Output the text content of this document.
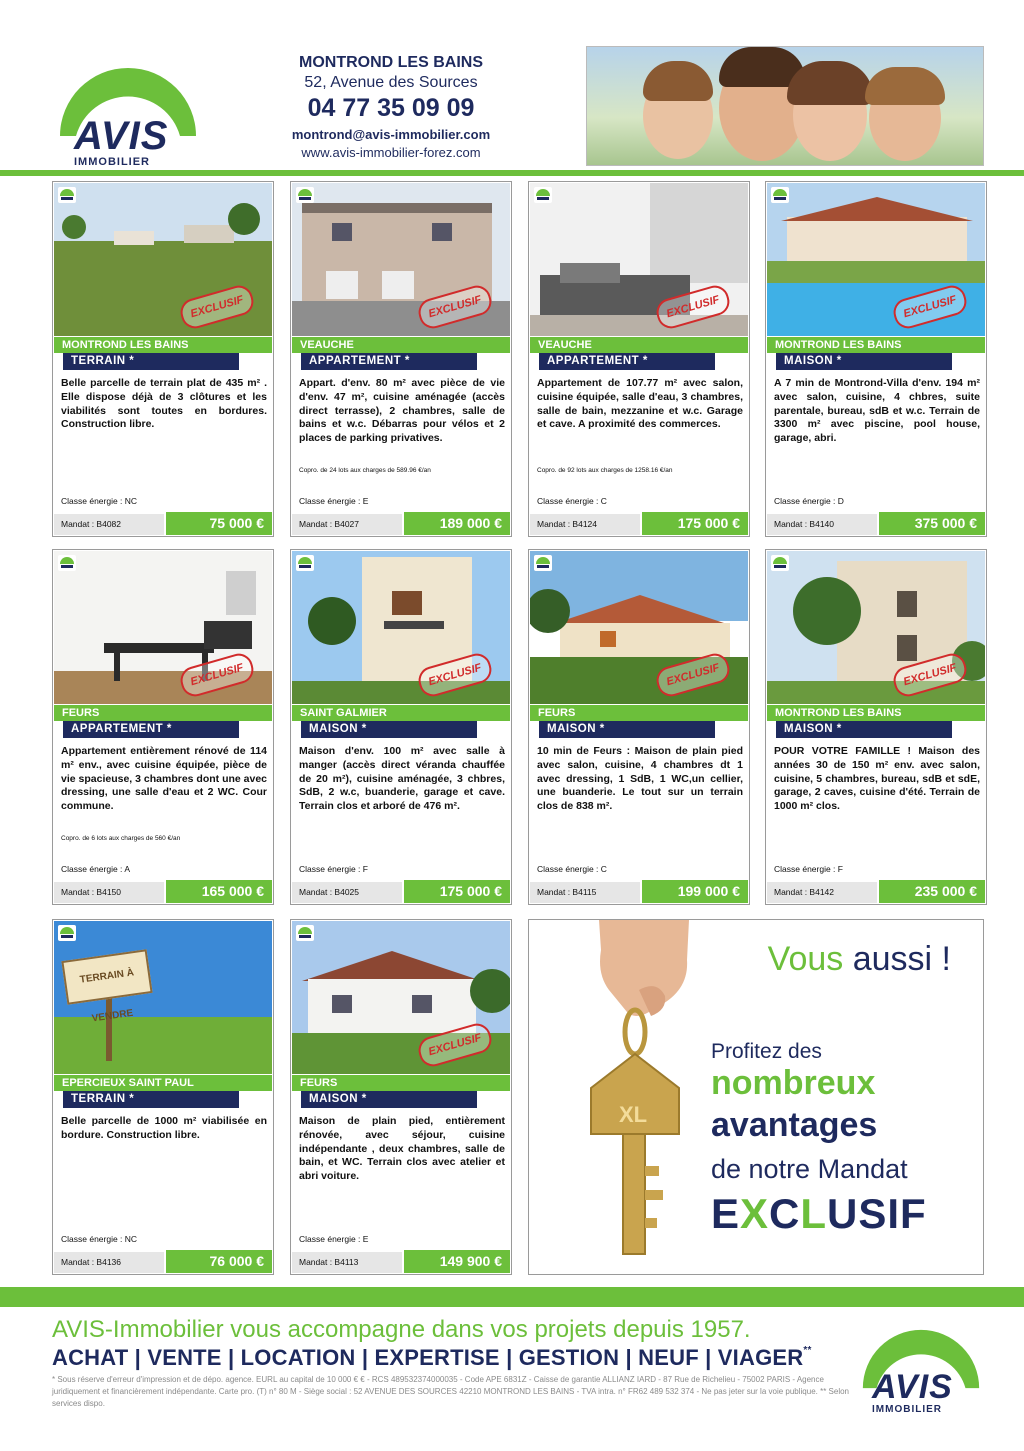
AVIS
IMMOBILIER
MONTROND LES BAINS
52, Avenue des Sources
04 77 35 09 09
montrond@avis-immobilier.com
www.avis-immobilier-forez.com
EXCLUSIF
MONTROND LES BAINS
TERRAIN *
Belle parcelle de terrain plat de 435 m² . Elle dispose déjà de 3 clôtures et les viabilités sont toutes en bordures. Construction libre.
Classe énergie : NC
Mandat : B4082	75 000 €
EXCLUSIF
VEAUCHE
APPARTEMENT *
Appart. d'env. 80 m² avec pièce de vie d'env. 47 m², cuisine aménagée (accès direct terrasse), 2 chambres, salle de bains et w.c. Débarras pour vélos et 2 places de parking privatives.
Copro. de 24 lots aux charges de 589.96 €/an
Classe énergie : E
Mandat : B4027	189 000 €
EXCLUSIF
VEAUCHE
APPARTEMENT *
Appartement de 107.77 m² avec salon, cuisine équipée, salle d'eau, 3 chambres, salle de bain, mezzanine et w.c. Garage et cave. A proximité des commerces.
Copro. de 92 lots aux charges de 1258.16 €/an
Classe énergie : C
Mandat : B4124	175 000 €
EXCLUSIF
MONTROND LES BAINS
MAISON *
A 7 min de Montrond-Villa d'env. 194 m² avec salon, cuisine, 4 chbres, suite parentale, bureau, sdB et w.c. Terrain de 3300 m² avec piscine, pool house, garage, abri.
Classe énergie : D
Mandat : B4140	375 000 €
EXCLUSIF
FEURS
APPARTEMENT *
Appartement entièrement rénové de 114 m² env., avec cuisine équipée, pièce de vie spacieuse, 3 chambres dont une avec dressing, une salle d'eau et 2 WC. Cour commune.
Copro. de 6 lots aux charges de 560 €/an
Classe énergie : A
Mandat : B4150	165 000 €
EXCLUSIF
SAINT GALMIER
MAISON *
Maison d'env. 100 m² avec salle à manger (accès direct véranda chauffée de 20 m²), cuisine aménagée, 3 chbres, SdB, 2 w.c, buanderie, garage et cave. Terrain clos et arboré de 476 m².
Classe énergie : F
Mandat : B4025	175 000 €
EXCLUSIF
FEURS
MAISON *
10 min de Feurs : Maison de plain pied avec salon, cuisine, 4 chambres dt 1 avec dressing, 1 SdB, 1 WC,un cellier, une buanderie. Le tout sur un terrain clos de 838 m².
Classe énergie : C
Mandat : B4115	199 000 €
EXCLUSIF
MONTROND LES BAINS
MAISON *
POUR VOTRE FAMILLE ! Maison des années 30 de 150 m² env. avec salon, cuisine, 5 chambres, bureau, sdB et sdE, garage, 2 caves, cuisine d'été. Terrain de 1000 m² clos.
Classe énergie : F
Mandat : B4142	235 000 €
TERRAIN À VENDRE
EPERCIEUX SAINT PAUL
TERRAIN *
Belle parcelle de 1000 m² viabilisée en bordure. Construction libre.
Classe énergie : NC
Mandat : B4136	76 000 €
EXCLUSIF
FEURS
MAISON *
Maison de plain pied, entièrement rénovée, avec séjour, cuisine indépendante , deux chambres, salle de bain, et WC. Terrain clos avec atelier et abri voiture.
Classe énergie : E
Mandat : B4113	149 900 €
XL
Vous aussi !
Profitez des
nombreux
avantages
de notre Mandat
EXCLUSIF
AVIS-Immobilier vous accompagne dans vos projets depuis 1957.
ACHAT | VENTE | LOCATION | EXPERTISE | GESTION | NEUF | VIAGER**
* Sous réserve d'erreur d'impression et de dépo. agence. EURL au capital de 10 000 € € - RCS 489532374000035 - Code APE 6831Z - Caisse de garantie ALLIANZ IARD - 87 Rue de Richelieu - 75002 PARIS - Agence juridiquement et financièrement indépendante. Carte pro. (T) n° 80 M - Siège social : 52 AVENUE DES SOURCES 42210 MONTROND LES BAINS - TVA intra. n° FR62 489 532 374 - Ne pas jeter sur la voie publique. ** Selon services dispo.	AVIS
IMMOBILIER
